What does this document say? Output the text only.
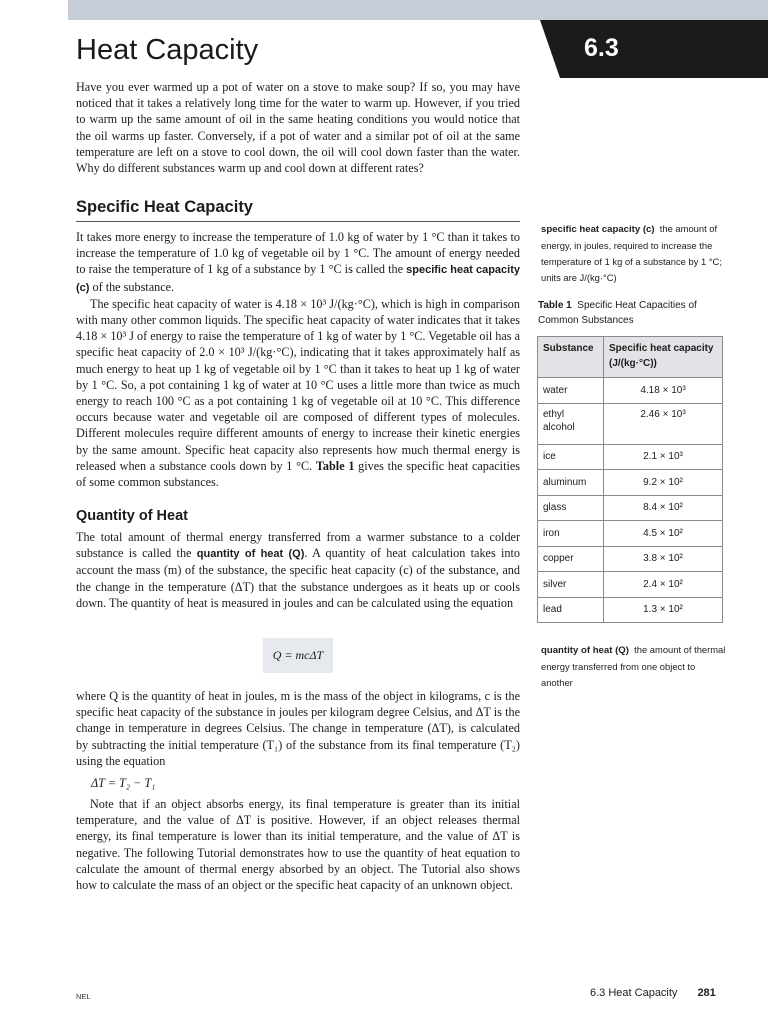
6.3
Heat Capacity

Have you ever warmed up a pot of water on a stove to make soup? If so, you may have noticed that it takes a relatively long time for the water to warm up. However, if you tried to warm up the same amount of oil in the same heating conditions you would notice that the oil warms up faster. Conversely, if a pot of water and a similar pot of oil at the same temperature are left on a stove to cool down, the oil will cool down faster than the water. Why do different substances warm up and cool down at different rates?

Specific Heat Capacity

It takes more energy to increase the temperature of 1.0 kg of water by 1 °C than it takes to increase the temperature of 1.0 kg of vegetable oil by 1 °C. The amount of energy needed to raise the temperature of 1 kg of a substance by 1 °C is called the specific heat capacity (c) of the substance.

The specific heat capacity of water is 4.18 × 10³ J/(kg·°C), which is high in comparison with many other common liquids. The specific heat capacity of water indicates that it takes 4.18 × 10³ J of energy to raise the temperature of 1 kg of water by 1 °C. Vegetable oil has a specific heat capacity of 2.0 × 10³ J/(kg·°C), indicating that it takes approximately half as much energy to heat up 1 kg of vegetable oil by 1 °C than it takes to heat up 1 kg of water by 1 °C. So, a pot containing 1 kg of water at 10 °C uses a little more than twice as much energy to reach 100 °C as a pot containing 1 kg of vegetable oil at 10 °C. This difference occurs because water and vegetable oil are composed of different types of molecules. Different molecules require different amounts of energy to increase their kinetic energies by the same amount. Specific heat capacity also represents how much thermal energy is released when a substance cools down by 1 °C. Table 1 gives the specific heat capacities of some common substances.

Quantity of Heat

The total amount of thermal energy transferred from a warmer substance to a colder substance is called the quantity of heat (Q). A quantity of heat calculation takes into account the mass (m) of the substance, the specific heat capacity (c) of the substance, and the change in the temperature (ΔT) that the substance undergoes as it heats up or cools down. The quantity of heat is measured in joules and can be calculated using the equation

Q = mcΔT

where Q is the quantity of heat in joules, m is the mass of the object in kilograms, c is the specific heat capacity of the substance in joules per kilogram degree Celsius, and ΔT is the change in temperature in degrees Celsius. The change in temperature (ΔT), is calculated by subtracting the initial temperature (T₁) of the substance from its final temperature (T₂) using the equation

ΔT = T₂ − T₁

Note that if an object absorbs energy, its final temperature is greater than its initial temperature, and the value of ΔT is positive. However, if an object releases thermal energy, its final temperature is lower than its initial temperature, and the value of ΔT is negative. The following Tutorial demonstrates how to use the quantity of heat equation to calculate the amount of thermal energy absorbed by an object. The Tutorial also shows how to calculate the mass of an object or the specific heat capacity of an unknown object.

specific heat capacity (c) the amount of energy, in joules, required to increase the temperature of 1 kg of a substance by 1 °C; units are J/(kg·°C)
Table 1 Specific Heat Capacities of Common Substances
Substance	Specific heat capacity (J/(kg·°C))
water	4.18 × 10³
ethyl alcohol	2.46 × 10³
ice	2.1 × 10³
aluminum	9.2 × 10²
glass	8.4 × 10²
iron	4.5 × 10²
copper	3.8 × 10²
silver	2.4 × 10²
lead	1.3 × 10²
quantity of heat (Q) the amount of thermal energy transferred from one object to another
NEL	6.3 Heat Capacity 281
